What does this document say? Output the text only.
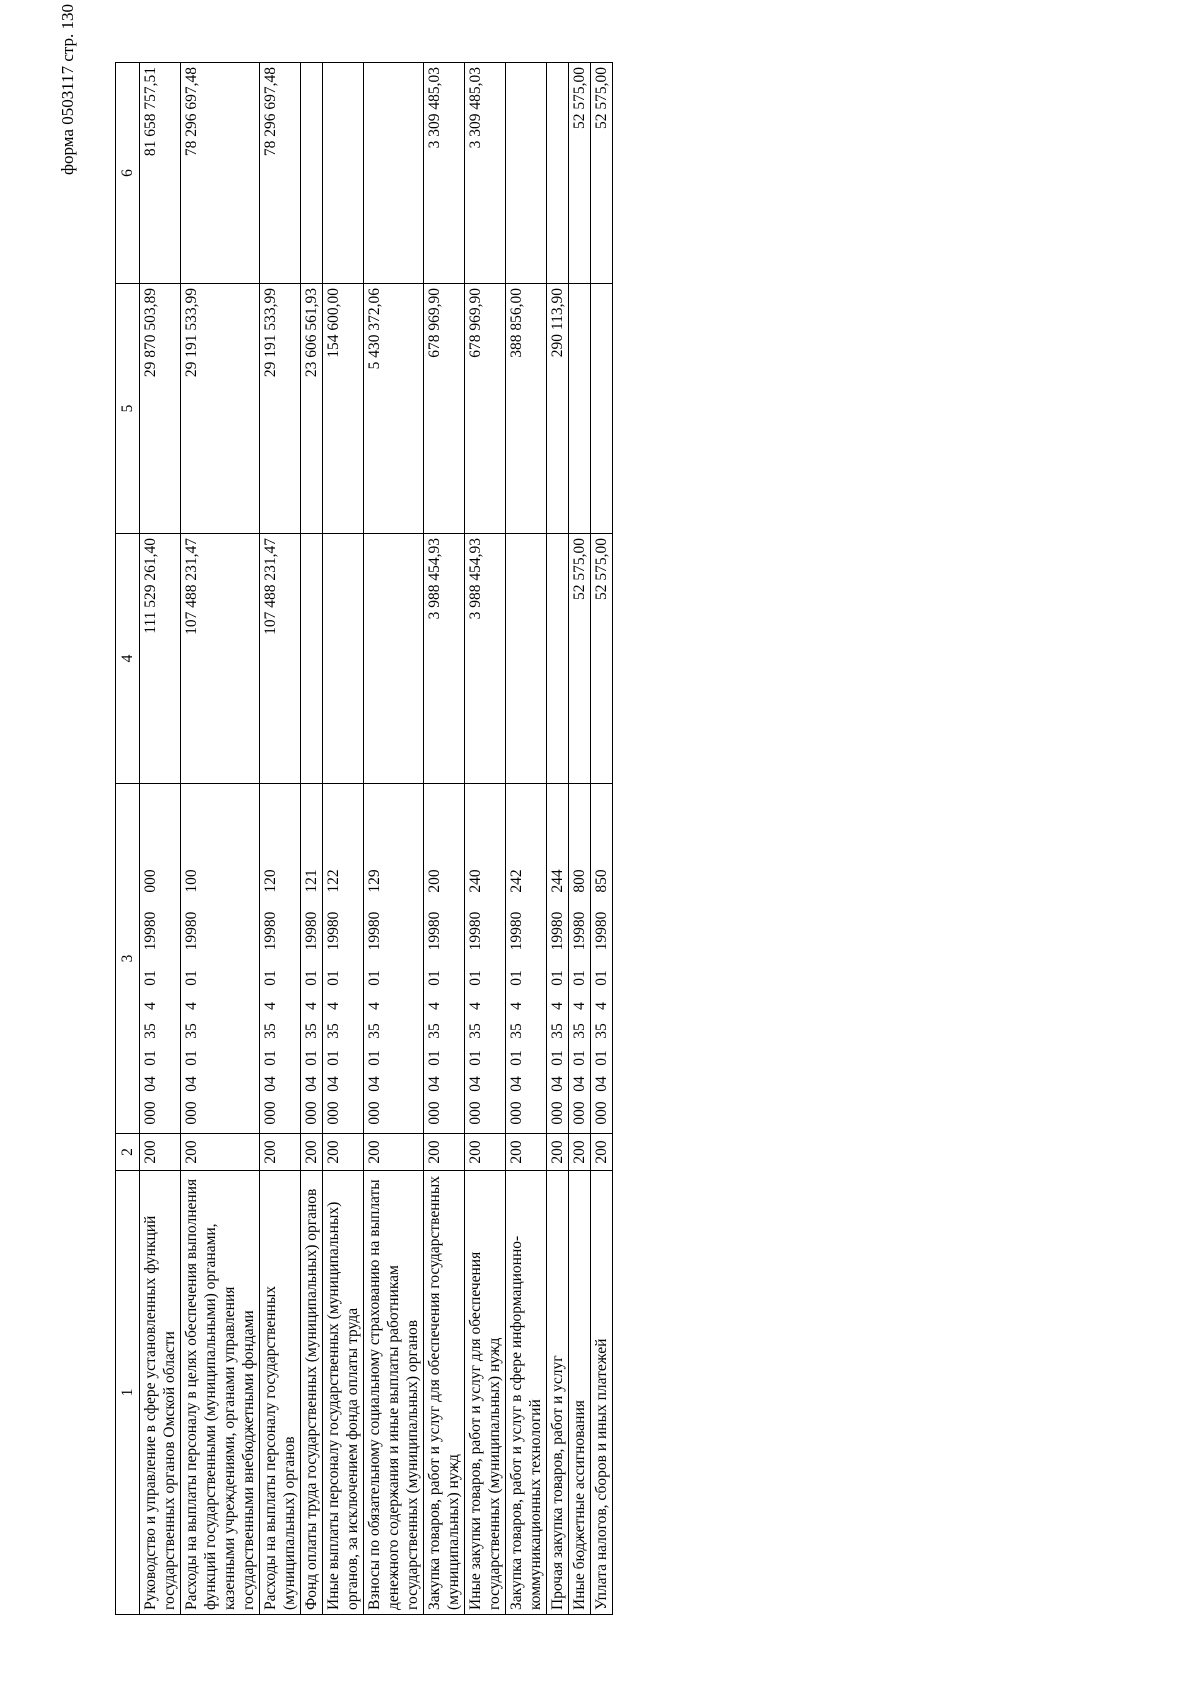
форма 0503117 стр. 130
1	2	3	4	5	6
Руководство и управление в сфере установленных функций государственных органов Омской области	200	00004013540119980000	111 529 261,40	29 870 503,89	81 658 757,51
Расходы на выплаты персоналу в целях обеспечения выполнения функций государственными (муниципальными) органами, казенными учреждениями, органами управления государственными внебюджетными фондами	200	00004013540119980100	107 488 231,47	29 191 533,99	78 296 697,48
Расходы на выплаты персоналу государственных (муниципальных) органов	200	00004013540119980120	107 488 231,47	29 191 533,99	78 296 697,48
Фонд оплаты труда государственных (муниципальных) органов	200	00004013540119980121		23 606 561,93	
Иные выплаты персоналу государственных (муниципальных) органов, за исключением фонда оплаты труда	200	00004013540119980122		154 600,00	
Взносы по обязательному социальному страхованию на выплаты денежного содержания и иные выплаты работникам государственных (муниципальных) органов	200	00004013540119980129		5 430 372,06	
Закупка товаров, работ и услуг для обеспечения государственных (муниципальных) нужд	200	00004013540119980200	3 988 454,93	678 969,90	3 309 485,03
Иные закупки товаров, работ и услуг для обеспечения государственных (муниципальных) нужд	200	00004013540119980240	3 988 454,93	678 969,90	3 309 485,03
Закупка товаров, работ и услуг в сфере информационно-коммуникационных технологий	200	00004013540119980242		388 856,00	
Прочая закупка товаров, работ и услуг	200	00004013540119980244		290 113,90	
Иные бюджетные ассигнования	200	00004013540119980800	52 575,00		52 575,00
Уплата налогов, сборов и иных платежей	200	00004013540119980850	52 575,00		52 575,00
